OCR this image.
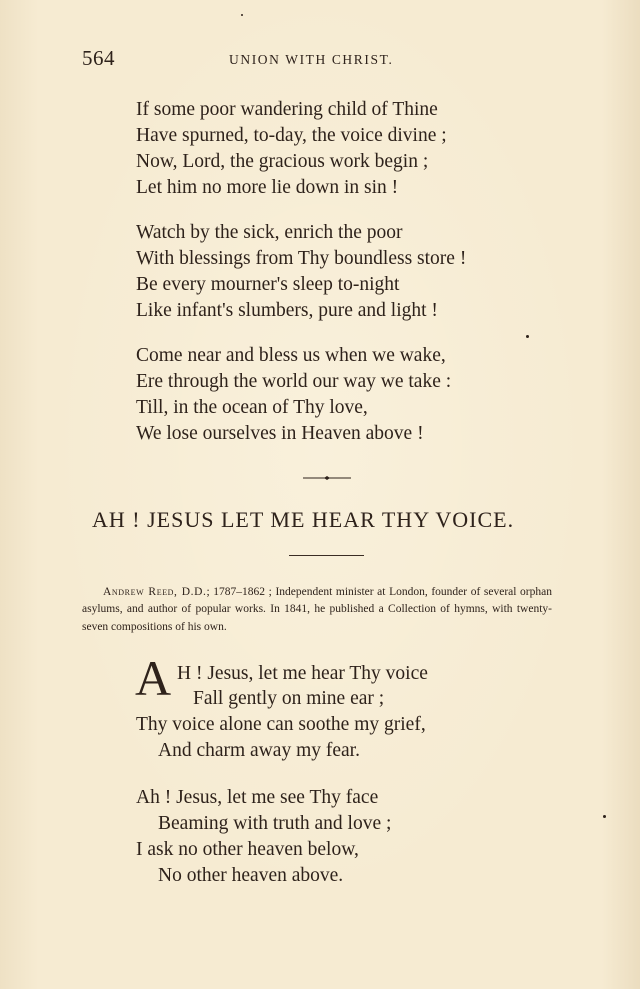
564	UNION WITH CHRIST.
If some poor wandering child of Thine
Have spurned, to-day, the voice divine ;
Now, Lord, the gracious work begin ;
Let him no more lie down in sin !
Watch by the sick, enrich the poor
With blessings from Thy boundless store !
Be every mourner's sleep to-night
Like infant's slumbers, pure and light !
Come near and bless us when we wake,
Ere through the world our way we take :
Till, in the ocean of Thy love,
We lose ourselves in Heaven above !
AH ! JESUS LET ME HEAR THY VOICE.

Andrew Reed, D.D.; 1787–1862 ; Independent minister at London, founder of several orphan asylums, and author of popular works. In 1841, he published a Collection of hymns, with twenty-seven compositions of his own.

A H ! Jesus, let me hear Thy voice
Fall gently on mine ear ;
Thy voice alone can soothe my grief,
And charm away my fear.
Ah ! Jesus, let me see Thy face
Beaming with truth and love ;
I ask no other heaven below,
No other heaven above.
